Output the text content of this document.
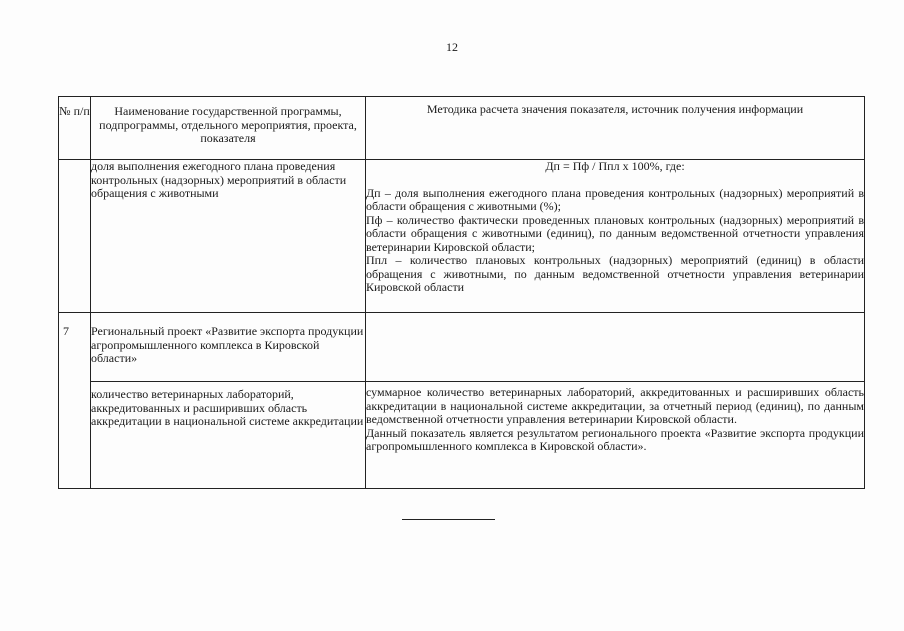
12
№ п/п	Наименование государственной программы, подпрограммы, отдельного мероприятия, проекта, показателя	Методика расчета значения показателя, источник получения информации
	доля выполнения ежегодного плана проведения контрольных (надзорных) мероприятий в области обращения с животными	Дп = Пф / Ппл х 100%, где:

Дп – доля выполнения ежегодного плана проведения контрольных (надзорных) мероприятий в области обращения с животными (%);

Пф – количество фактически проведенных плановых контрольных (надзорных) мероприятий в области обращения с животными (единиц), по данным ведомственной отчетности управления ветеринарии Кировской области;

Ппл – количество плановых контрольных (надзорных) мероприятий (единиц) в области обращения с животными, по данным ведомственной отчетности управления ветеринарии Кировской области

7	Региональный проект «Развитие экспорта продукции агропромышленного комплекса в Кировской области»	
	количество ветеринарных лабораторий, аккредитованных и расширивших область аккредитации в национальной системе аккредитации	суммарное количество ветеринарных лабораторий, аккредитованных и расширивших область аккредитации в национальной системе аккредитации, за отчетный период (единиц), по данным ведомственной отчетности управления ветеринарии Кировской области.

Данный показатель является результатом регионального проекта «Развитие экспорта продукции агропромышленного комплекса в Кировской области».
